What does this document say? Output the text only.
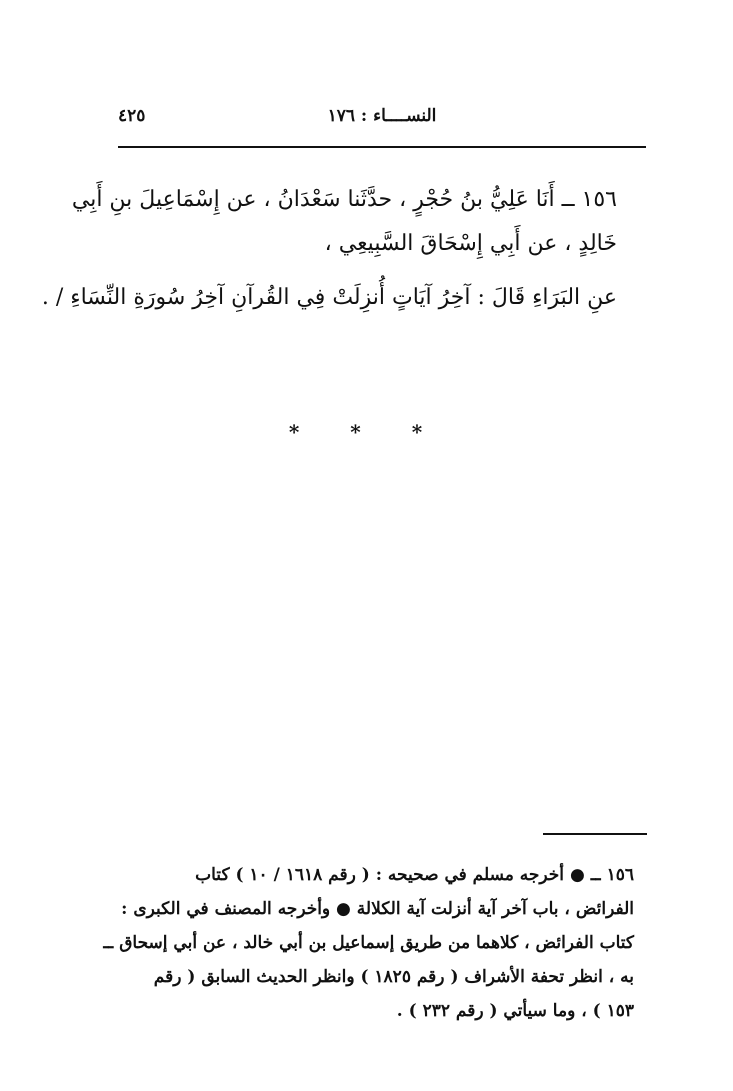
النســــاء : ١٧٦
٤٢٥

١٥٦ ــ أَنَا عَلِيُّ بنُ حُجْرٍ ، حدَّثَنا سَعْدَانُ ، عن إِسْمَاعِيلَ بنِ أَبِي
خَالِدٍ ، عن أَبِي إِسْحَاقَ السَّبِيعِي ،

عنِ البَرَاءِ قَالَ : آخِرُ آيَاتٍ أُنزِلَتْ فِي القُرآنِ آخِرُ سُورَةِ النِّسَاءِ / .

* * *
١٥٦ ــ ● أخرجه مسلم في صحيحه : ( رقم ١٦١٨ / ١٠ ) كتاب
الفرائض ، باب آخر آية أنزلت آية الكلالة ● وأخرجه المصنف في الكبرى :
كتاب الفرائض ، كلاهما من طريق إسماعيل بن أبي خالد ، عن أبي إسحاق ــ
به ، انظر تحفة الأشراف ( رقم ١٨٢٥ ) وانظر الحديث السابق ( رقم
١٥٣ ) ، وما سيأتي ( رقم ٢٣٢ ) .
